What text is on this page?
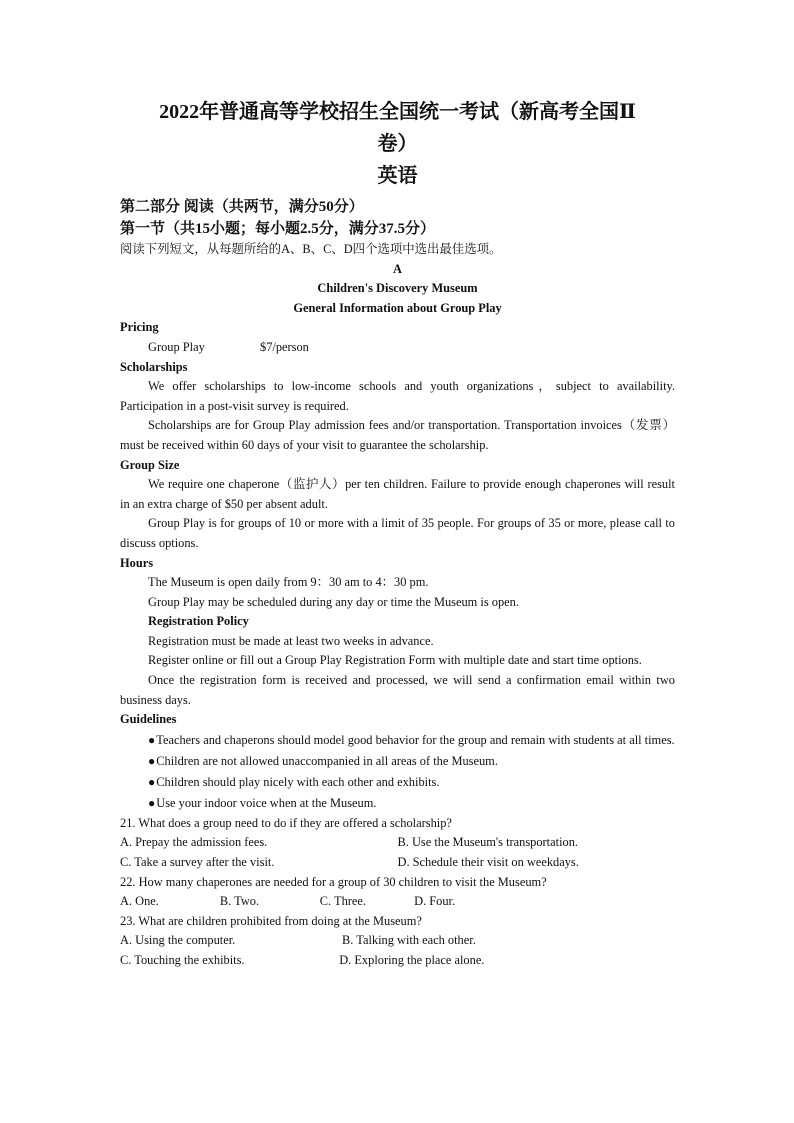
2022年普通高等学校招生全国统一考试（新高考全国Ⅱ
卷）
英语

第二部分 阅读（共两节，满分50分）

第一节（共15小题；每小题2.5分，满分37.5分）

阅读下列短文，从每题所给的A、B、C、D四个选项中选出最佳选项。

A

Children's Discovery Museum

General Information about Group Play

Pricing

Group Play	$7/person

Scholarships

We offer scholarships to low-income schools and youth organizations，subject to availability. Participation in a post-visit survey is required.

Scholarships are for Group Play admission fees and/or transportation. Transportation invoices（发票）must be received within 60 days of your visit to guarantee the scholarship.

Group Size

We require one chaperone（监护人）per ten children. Failure to provide enough chaperones will result in an extra charge of $50 per absent adult.

Group Play is for groups of 10 or more with a limit of 35 people. For groups of 35 or more, please call to discuss options.

Hours

The Museum is open daily from 9：30 am to 4：30 pm.

Group Play may be scheduled during any day or time the Museum is open.

Registration Policy

Registration must be made at least two weeks in advance.

Register online or fill out a Group Play Registration Form with multiple date and start time options.

Once the registration form is received and processed, we will send a confirmation email within two business days.

Guidelines

●Teachers and chaperons should model good behavior for the group and remain with students at all times.

●Children are not allowed unaccompanied in all areas of the Museum.

●Children should play nicely with each other and exhibits.

●Use your indoor voice when at the Museum.

21. What does a group need to do if they are offered a scholarship?

A. Prepay the admission fees.	B. Use the Museum's transportation.
C. Take a survey after the visit.	D. Schedule their visit on weekdays.

22. How many chaperones are needed for a group of 30 children to visit the Museum?

A. One.	B. Two.	C. Three.	D. Four.

23. What are children prohibited from doing at the Museum?

A. Using the computer.	B. Talking with each other.
C. Touching the exhibits.	D. Exploring the place alone.
